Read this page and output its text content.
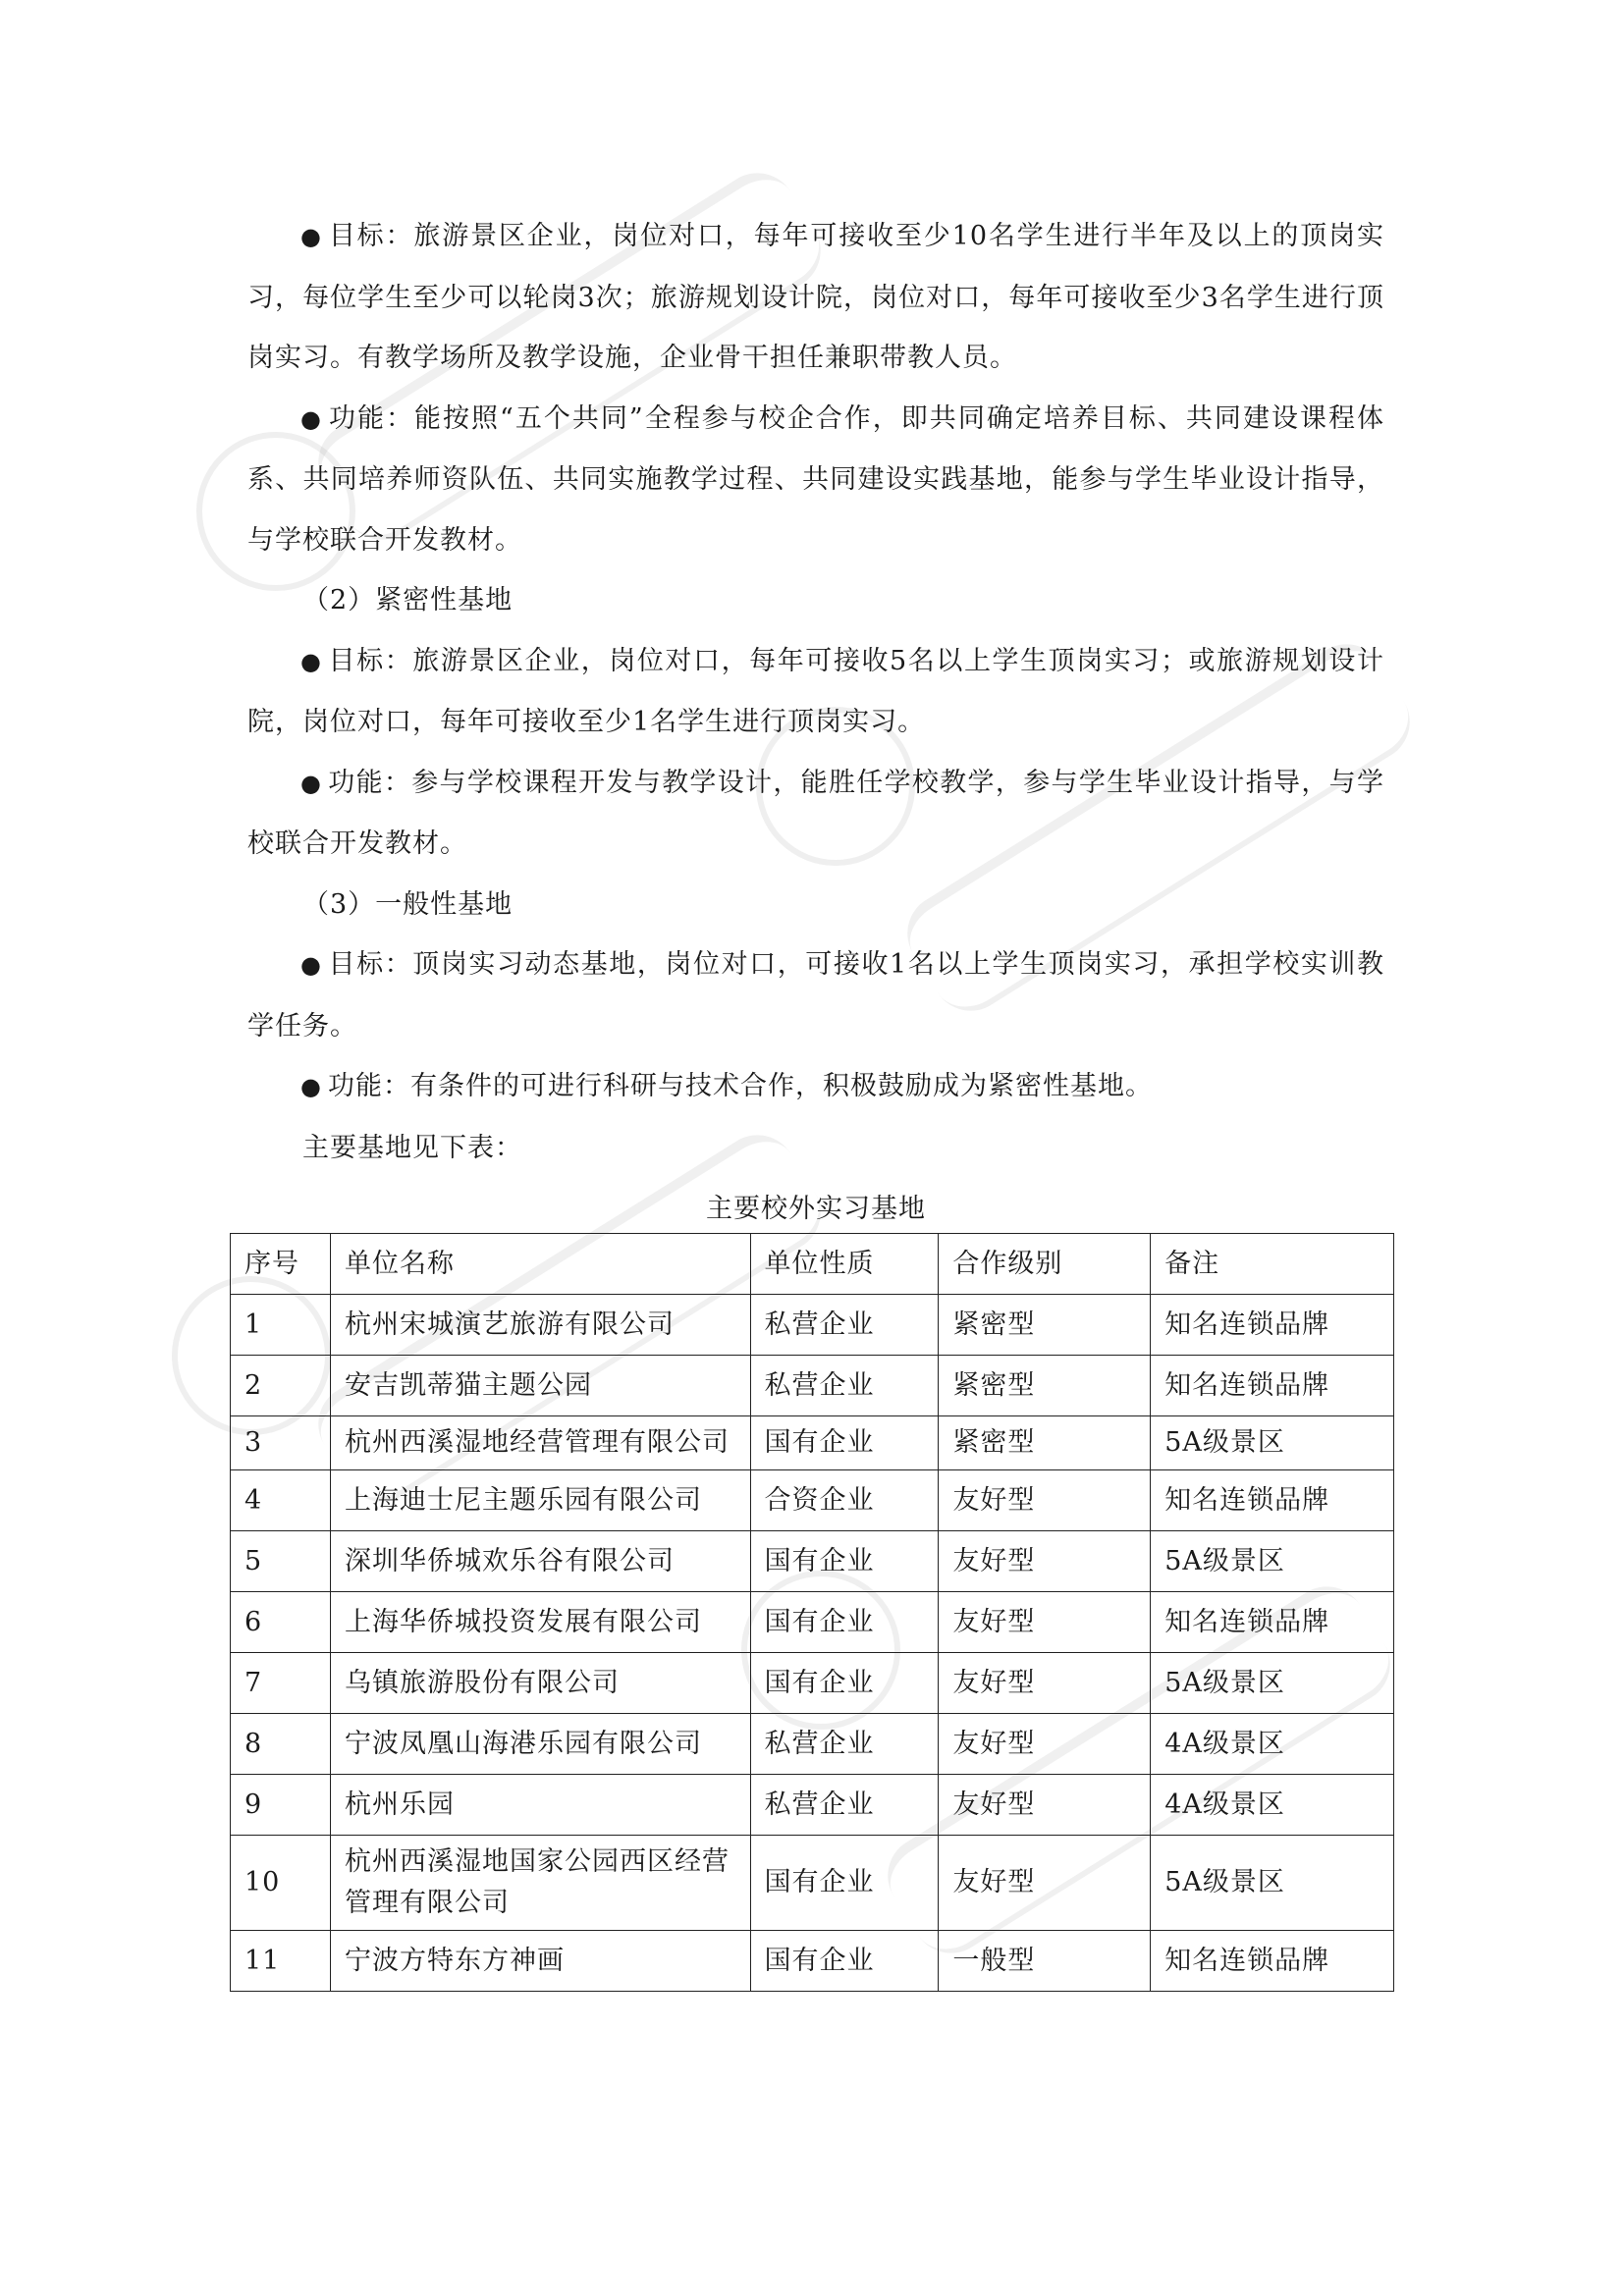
● 目标：旅游景区企业，岗位对口，每年可接收至少10名学生进行半年及以上的顶岗实习，每位学生至少可以轮岗3次；旅游规划设计院，岗位对口，每年可接收至少3名学生进行顶岗实习。有教学场所及教学设施，企业骨干担任兼职带教人员。

● 功能：能按照“五个共同”全程参与校企合作，即共同确定培养目标、共同建设课程体系、共同培养师资队伍、共同实施教学过程、共同建设实践基地，能参与学生毕业设计指导，与学校联合开发教材。

（2）紧密性基地

● 目标：旅游景区企业，岗位对口，每年可接收5名以上学生顶岗实习；或旅游规划设计院，岗位对口，每年可接收至少1名学生进行顶岗实习。

● 功能：参与学校课程开发与教学设计，能胜任学校教学，参与学生毕业设计指导，与学校联合开发教材。

（3）一般性基地

● 目标：顶岗实习动态基地，岗位对口，可接收1名以上学生顶岗实习，承担学校实训教学任务。

● 功能：有条件的可进行科研与技术合作，积极鼓励成为紧密性基地。

主要基地见下表：

主要校外实习基地
序号	单位名称	单位性质	合作级别	备注
1	杭州宋城演艺旅游有限公司	私营企业	紧密型	知名连锁品牌
2	安吉凯蒂猫主题公园	私营企业	紧密型	知名连锁品牌
3	杭州西溪湿地经营管理有限公司	国有企业	紧密型	5A级景区
4	上海迪士尼主题乐园有限公司	合资企业	友好型	知名连锁品牌
5	深圳华侨城欢乐谷有限公司	国有企业	友好型	5A级景区
6	上海华侨城投资发展有限公司	国有企业	友好型	知名连锁品牌
7	乌镇旅游股份有限公司	国有企业	友好型	5A级景区
8	宁波凤凰山海港乐园有限公司	私营企业	友好型	4A级景区
9	杭州乐园	私营企业	友好型	4A级景区
10	杭州西溪湿地国家公园西区经营管理有限公司	国有企业	友好型	5A级景区
11	宁波方特东方神画	国有企业	一般型	知名连锁品牌
